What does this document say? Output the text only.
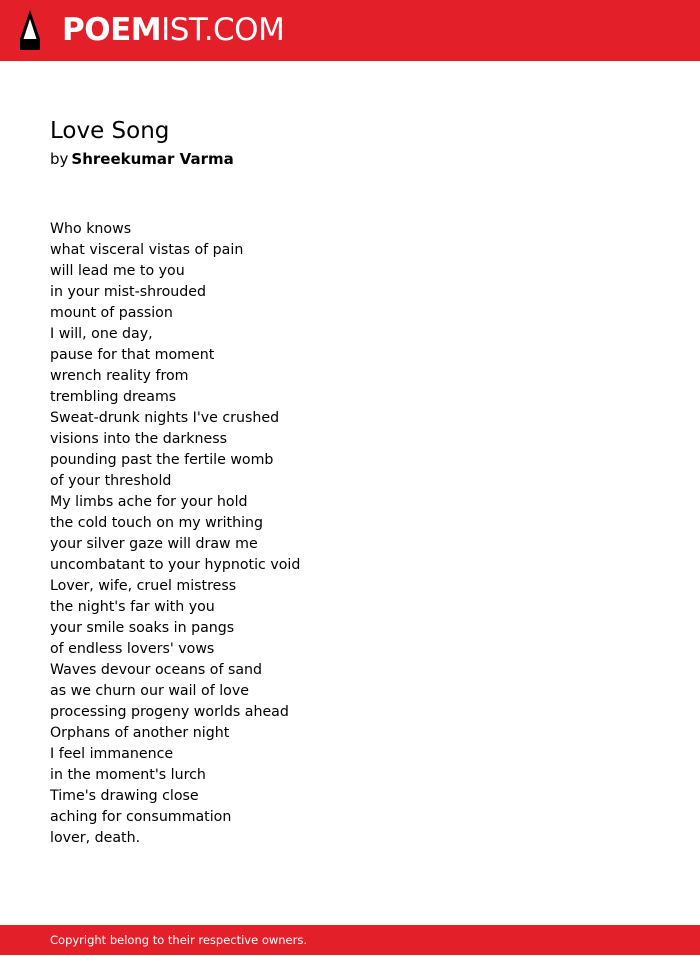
POEMIST.COM
Love Song
by Shreekumar Varma
Who knows
what visceral vistas of pain
will lead me to you
in your mist-shrouded
mount of passion
I will, one day,
pause for that moment
wrench reality from
trembling dreams
Sweat-drunk nights I've crushed
visions into the darkness
pounding past the fertile womb
of your threshold
My limbs ache for your hold
the cold touch on my writhing
your silver gaze will draw me
uncombatant to your hypnotic void
Lover, wife, cruel mistress
the night's far with you
your smile soaks in pangs
of endless lovers' vows
Waves devour oceans of sand
as we churn our wail of love
processing progeny worlds ahead
Orphans of another night
I feel immanence
in the moment's lurch
Time's drawing close
aching for consummation
lover, death.
Copyright belong to their respective owners.
